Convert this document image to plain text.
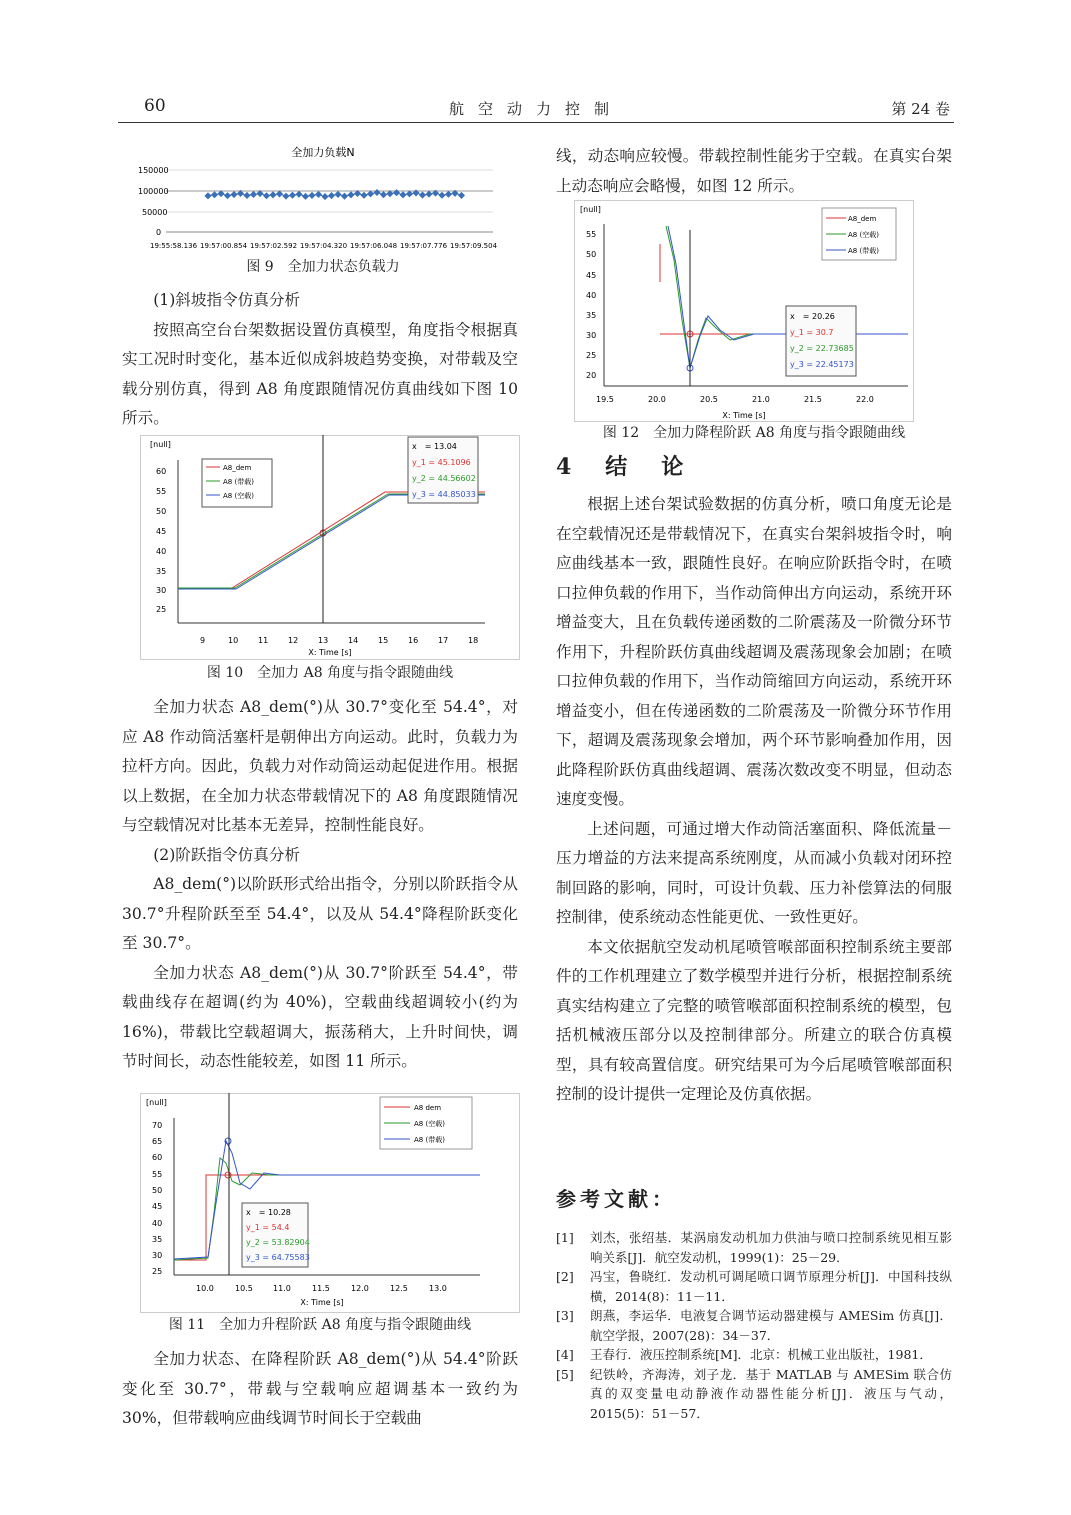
60	航空动力控制	第 24 卷
全加力负载N
150000
100000
50000
0
19:55:58.136 19:57:00.854 19:57:02.592 19:57:04.320 19:57:06.048 19:57:07.776 19:57:09.504
图 9　全加力状态负载力

(1)斜坡指令仿真分析

按照高空台台架数据设置仿真模型，角度指令根据真实工况时时变化，基本近似成斜坡趋势变换，对带载及空载分别仿真，得到 A8 角度跟随情况仿真曲线如下图 10 所示。

[null]
60
55
50
45
40
35
30
25
9	10 11 12 13 14 15 16 17 18
X: Time [s]
A8_dem
A8 (带载)
A8 (空载)
x　= 13.04
y_1 = 45.1096
y_2 = 44.56602
y_3 = 44.85033
图 10　全加力 A8 角度与指令跟随曲线

全加力状态 A8_dem(°)从 30.7°变化至 54.4°，对应 A8 作动筒活塞杆是朝伸出方向运动。此时，负载力为拉杆方向。因此，负载力对作动筒运动起促进作用。根据以上数据，在全加力状态带载情况下的 A8 角度跟随情况与空载情况对比基本无差异，控制性能良好。

(2)阶跃指令仿真分析

A8_dem(°)以阶跃形式给出指令，分别以阶跃指令从 30.7°升程阶跃至至 54.4°，以及从 54.4°降程阶跃变化至 30.7°。

全加力状态 A8_dem(°)从 30.7°阶跃至 54.4°，带载曲线存在超调(约为 40%)，空载曲线超调较小(约为 16%)，带载比空载超调大，振荡稍大，上升时间快，调节时间长，动态性能较差，如图 11 所示。

[null]
70
65
60
55
50
45
40
35
30
25
10.0	10.5	11.0	11.5	12.0	12.5	13.0
X: Time [s]
A8 dem
A8 (空载)
A8 (带载)
x　= 10.28
y_1 = 54.4
y_2 = 53.82904
y_3 = 64.75583
图 11　全加力升程阶跃 A8 角度与指令跟随曲线

全加力状态、在降程阶跃 A8_dem(°)从 54.4°阶跃变化至 30.7°，带载与空载响应超调基本一致约为 30%，但带载响应曲线调节时间长于空载曲

线，动态响应较慢。带载控制性能劣于空载。在真实台架上动态响应会略慢，如图 12 所示。

[null]
55
50
45
40
35
30
25
20
19.5	20.0	20.5	21.0	21.5	22.0
X: Time [s]
A8_dem
A8 (空载)
A8 (带载)
x　= 20.26
y_1 = 30.7
y_2 = 22.73685
y_3 = 22.45173
图 12　全加力降程阶跃 A8 角度与指令跟随曲线
4　结　论

根据上述台架试验数据的仿真分析，喷口角度无论是在空载情况还是带载情况下，在真实台架斜坡指令时，响应曲线基本一致，跟随性良好。在响应阶跃指令时，在喷口拉伸负载的作用下，当作动筒伸出方向运动，系统开环增益变大，且在负载传递函数的二阶震荡及一阶微分环节作用下，升程阶跃仿真曲线超调及震荡现象会加剧；在喷口拉伸负载的作用下，当作动筒缩回方向运动，系统开环增益变小，但在传递函数的二阶震荡及一阶微分环节作用下，超调及震荡现象会增加，两个环节影响叠加作用，因此降程阶跃仿真曲线超调、震荡次数改变不明显，但动态速度变慢。

上述问题，可通过增大作动筒活塞面积、降低流量－压力增益的方法来提高系统刚度，从而减小负载对闭环控制回路的影响，同时，可设计负载、压力补偿算法的伺服控制律，使系统动态性能更优、一致性更好。

本文依据航空发动机尾喷管喉部面积控制系统主要部件的工作机理建立了数学模型并进行分析，根据控制系统真实结构建立了完整的喷管喉部面积控制系统的模型，包括机械液压部分以及控制律部分。所建立的联合仿真模型，具有较高置信度。研究结果可为今后尾喷管喉部面积控制的设计提供一定理论及仿真依据。

参考文献：
[1]	刘杰，张绍基．某涡扇发动机加力供油与喷口控制系统见相互影响关系[J]．航空发动机，1999(1)：25－29．
[2]	冯宝，鲁晓红．发动机可调尾喷口调节原理分析[J]．中国科技纵横，2014(8)：11－11．
[3]	朗燕，李运华．电液复合调节运动器建模与 AMESim 仿真[J]．航空学报，2007(28)：34－37．
[4]	王春行．液压控制系统[M]．北京：机械工业出版社，1981．
[5]	纪铁岭，齐海涛，刘子龙．基于 MATLAB 与 AMESim 联合仿真的双变量电动静液作动器性能分析[J]．液压与气动，2015(5)：51－57．
